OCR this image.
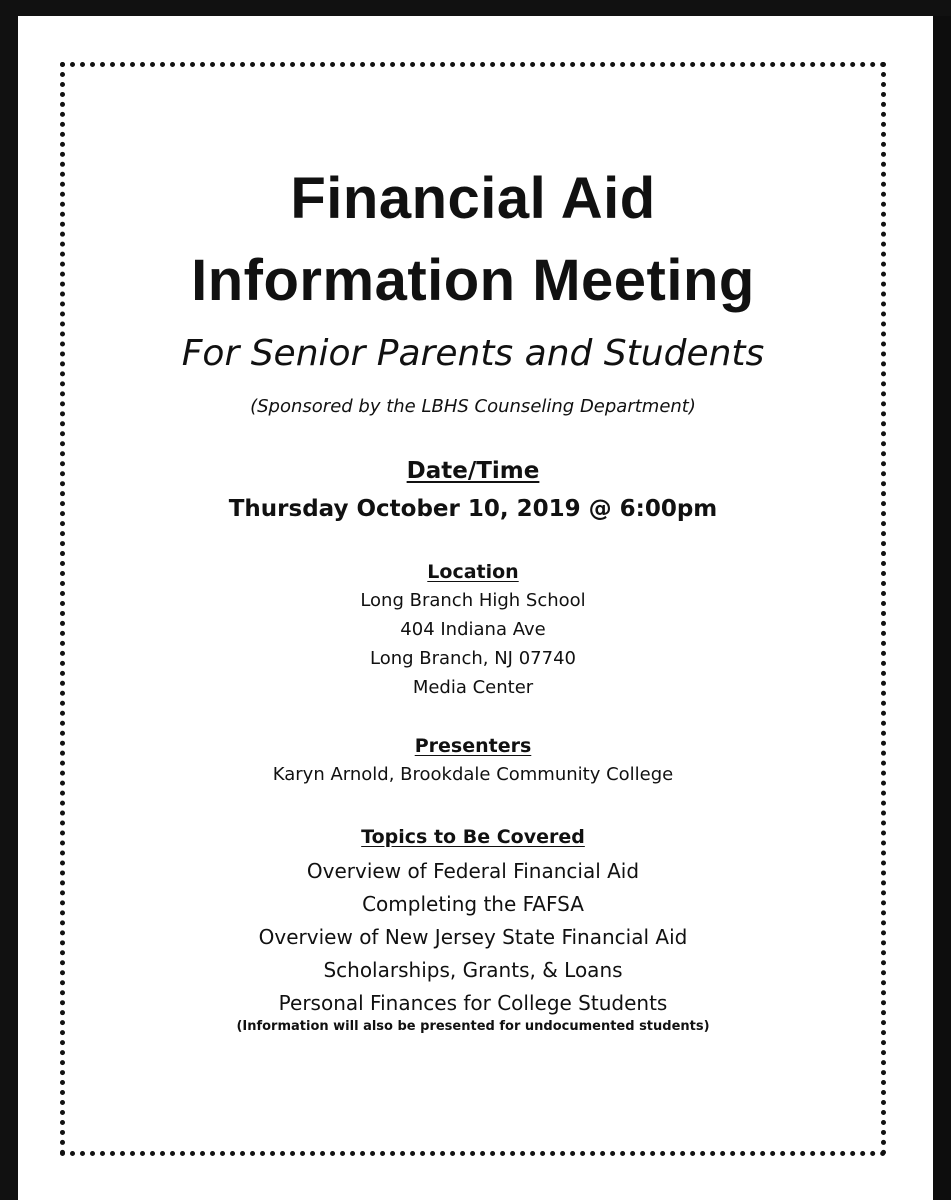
Financial Aid
Information Meeting
For Senior Parents and Students
(Sponsored by the LBHS Counseling Department)
Date/Time
Thursday October 10, 2019 @ 6:00pm
Location
Long Branch High School
404 Indiana Ave
Long Branch, NJ 07740
Media Center
Presenters
Karyn Arnold, Brookdale Community College
Topics to Be Covered
Overview of Federal Financial Aid
Completing the FAFSA
Overview of New Jersey State Financial Aid
Scholarships, Grants, & Loans
Personal Finances for College Students
(Information will also be presented for undocumented students)
